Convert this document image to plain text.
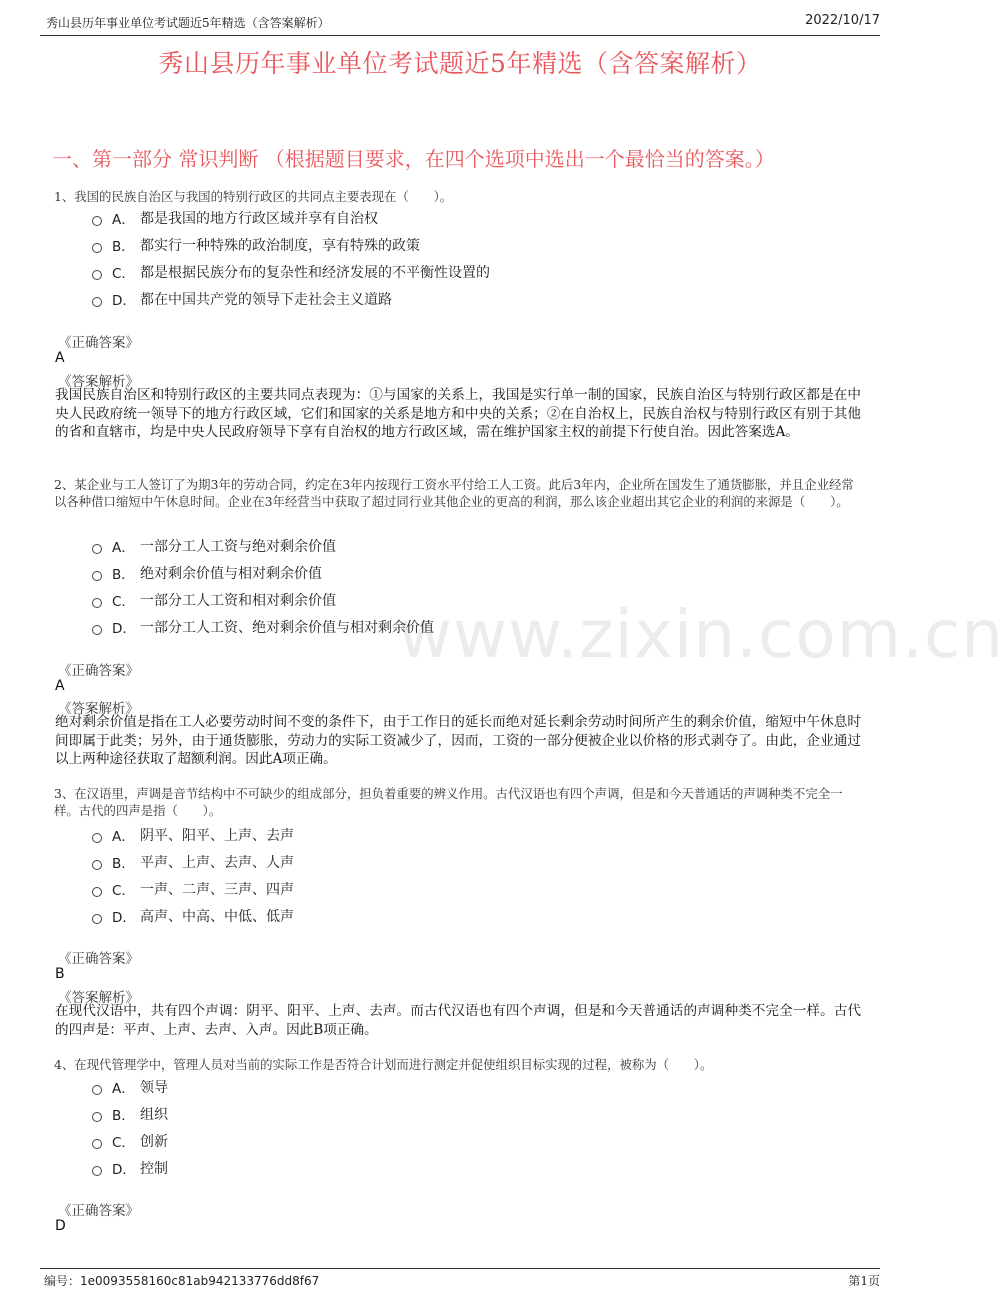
秀山县历年事业单位考试题近5年精选（含答案解析）	2022/10/17
秀山县历年事业单位考试题近5年精选（含答案解析）
一、第一部分 常识判断 （根据题目要求，在四个选项中选出一个最恰当的答案。）
1、我国的民族自治区与我国的特别行政区的共同点主要表现在（　　）。
A． 都是我国的地方行政区域并享有自治权
B． 都实行一种特殊的政治制度，享有特殊的政策
C． 都是根据民族分布的复杂性和经济发展的不平衡性设置的
D． 都在中国共产党的领导下走社会主义道路
《正确答案》
A
《答案解析》
我国民族自治区和特别行政区的主要共同点表现为：①与国家的关系上，我国是实行单一制的国家，民族自治区与特别行政区都是在中央人民政府统一领导下的地方行政区域，它们和国家的关系是地方和中央的关系；②在自治权上，民族自治权与特别行政区有别于其他的省和直辖市，均是中央人民政府领导下享有自治权的地方行政区域，需在维护国家主权的前提下行使自治。因此答案选A。
2、某企业与工人签订了为期3年的劳动合同，约定在3年内按现行工资水平付给工人工资。此后3年内，企业所在国发生了通货膨胀，并且企业经常以各种借口缩短中午休息时间。企业在3年经营当中获取了超过同行业其他企业的更高的利润，那么该企业超出其它企业的利润的来源是（　　）。
A． 一部分工人工资与绝对剩余价值
B． 绝对剩余价值与相对剩余价值
C． 一部分工人工资和相对剩余价值
D． 一部分工人工资、绝对剩余价值与相对剩余价值
《正确答案》
A
《答案解析》
绝对剩余价值是指在工人必要劳动时间不变的条件下，由于工作日的延长而绝对延长剩余劳动时间所产生的剩余价值，缩短中午休息时间即属于此类；另外，由于通货膨胀，劳动力的实际工资减少了，因而，工资的一部分便被企业以价格的形式剥夺了。由此，企业通过以上两种途径获取了超额利润。因此A项正确。
3、在汉语里，声调是音节结构中不可缺少的组成部分，担负着重要的辨义作用。古代汉语也有四个声调，但是和今天普通话的声调种类不完全一样。古代的四声是指（　　）。
A． 阴平、阳平、上声、去声
B． 平声、上声、去声、人声
C． 一声、二声、三声、四声
D． 高声、中高、中低、低声
《正确答案》
B
《答案解析》
在现代汉语中，共有四个声调：阴平、阳平、上声、去声。而古代汉语也有四个声调，但是和今天普通话的声调种类不完全一样。古代的四声是：平声、上声、去声、入声。因此B项正确。
4、在现代管理学中，管理人员对当前的实际工作是否符合计划而进行测定并促使组织目标实现的过程，被称为（　　）。
A． 领导
B． 组织
C． 创新
D． 控制
《正确答案》
D
www.zixin.com.cn
编号：1e0093558160c81ab942133776dd8f67	第1页
